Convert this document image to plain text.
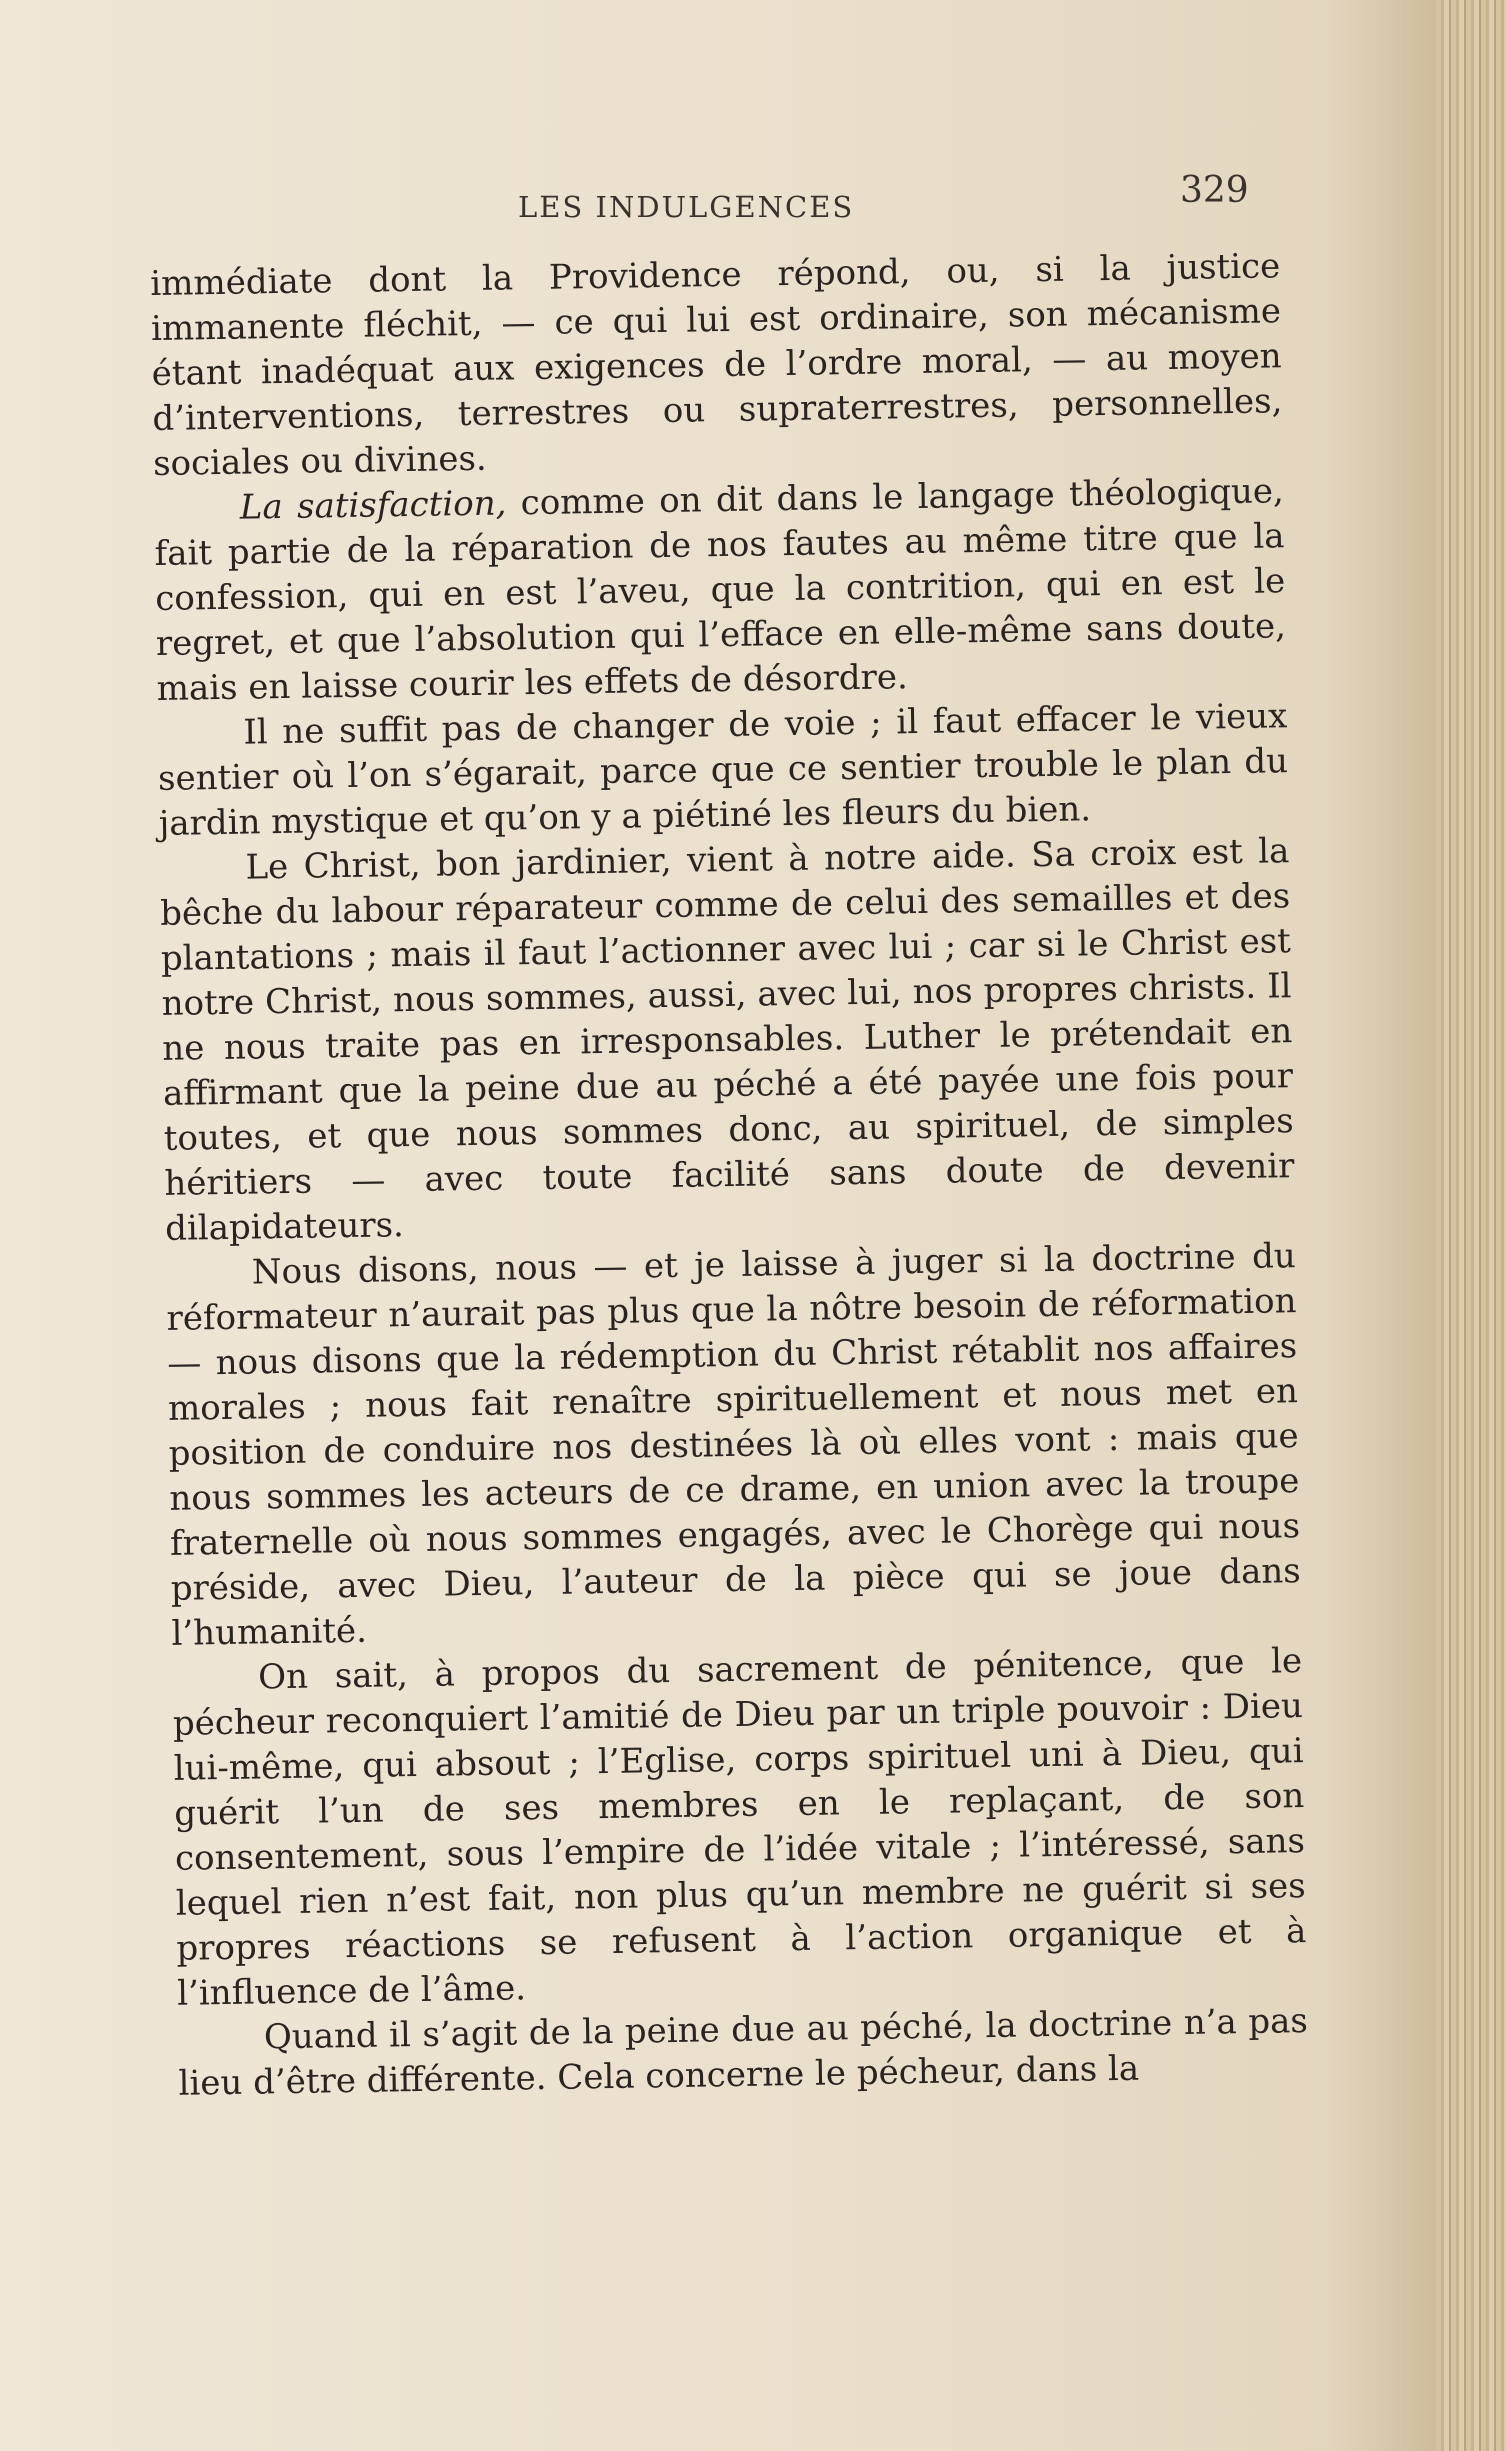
LES INDULGENCES	329

immédiate dont la Providence répond, ou, si la justice immanente fléchit, — ce qui lui est ordinaire, son mécanisme étant inadéquat aux exigences de l’ordre moral, — au moyen d’interventions, terrestres ou supraterrestres, personnelles, sociales ou divines.

La satisfaction, comme on dit dans le langage théologique, fait partie de la réparation de nos fautes au même titre que la confession, qui en est l’aveu, que la contrition, qui en est le regret, et que l’absolution qui l’efface en elle-même sans doute, mais en laisse courir les effets de désordre.

Il ne suffit pas de changer de voie ; il faut effacer le vieux sentier où l’on s’égarait, parce que ce sentier trouble le plan du jardin mystique et qu’on y a piétiné les fleurs du bien.

Le Christ, bon jardinier, vient à notre aide. Sa croix est la bêche du labour réparateur comme de celui des semailles et des plantations ; mais il faut l’actionner avec lui ; car si le Christ est notre Christ, nous sommes, aussi, avec lui, nos propres christs. Il ne nous traite pas en irresponsables. Luther le prétendait en affirmant que la peine due au péché a été payée une fois pour toutes, et que nous sommes donc, au spirituel, de simples héritiers — avec toute facilité sans doute de devenir dilapidateurs.

Nous disons, nous — et je laisse à juger si la doctrine du réformateur n’aurait pas plus que la nôtre besoin de réformation — nous disons que la rédemption du Christ rétablit nos affaires morales ; nous fait renaître spirituellement et nous met en position de conduire nos destinées là où elles vont : mais que nous sommes les acteurs de ce drame, en union avec la troupe fraternelle où nous sommes engagés, avec le Chorège qui nous préside, avec Dieu, l’auteur de la pièce qui se joue dans l’humanité.

On sait, à propos du sacrement de pénitence, que le pécheur reconquiert l’amitié de Dieu par un triple pouvoir : Dieu lui-même, qui absout ; l’Eglise, corps spirituel uni à Dieu, qui guérit l’un de ses membres en le replaçant, de son consentement, sous l’empire de l’idée vitale ; l’intéressé, sans lequel rien n’est fait, non plus qu’un membre ne guérit si ses propres réactions se refusent à l’action organique et à l’influence de l’âme.

Quand il s’agit de la peine due au péché, la doctrine n’a pas lieu d’être différente. Cela concerne le pécheur, dans la
